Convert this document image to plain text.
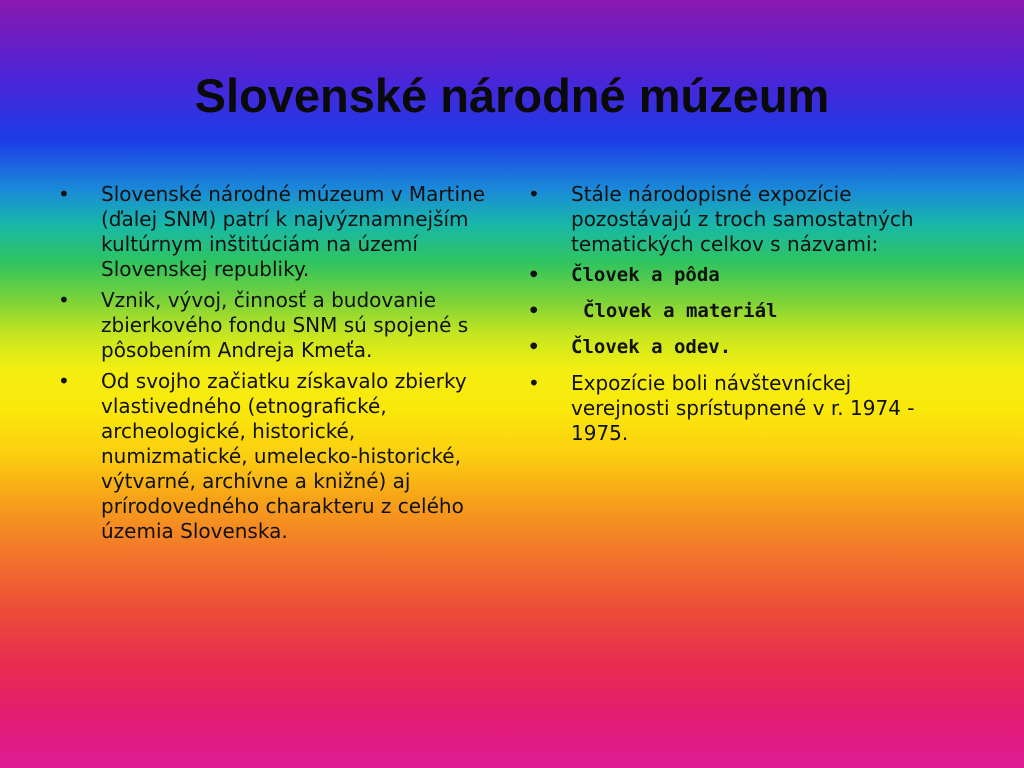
Slovenské národné múzeum
• Slovenské národné múzeum v Martine (ďalej SNM) patrí k najvýznamnejším kultúrnym inštitúciám na území Slovenskej republiky.
• Vznik, vývoj, činnosť a budovanie zbierkového fondu SNM sú spojené s pôsobením Andreja Kmeťa.
• Od svojho začiatku získavalo zbierky vlastivedného (etnografické, archeologické, historické, numizmatické, umelecko-historické, výtvarné, archívne a knižné) aj prírodovedného charakteru z celého územia Slovenska.
• Stále národopisné expozície pozostávajú z troch samostatných tematických celkov s názvami:
• Človek a pôda
• Človek a materiál
• Človek a odev.
• Expozície boli návštevníckej verejnosti sprístupnené v r. 1974 - 1975.
